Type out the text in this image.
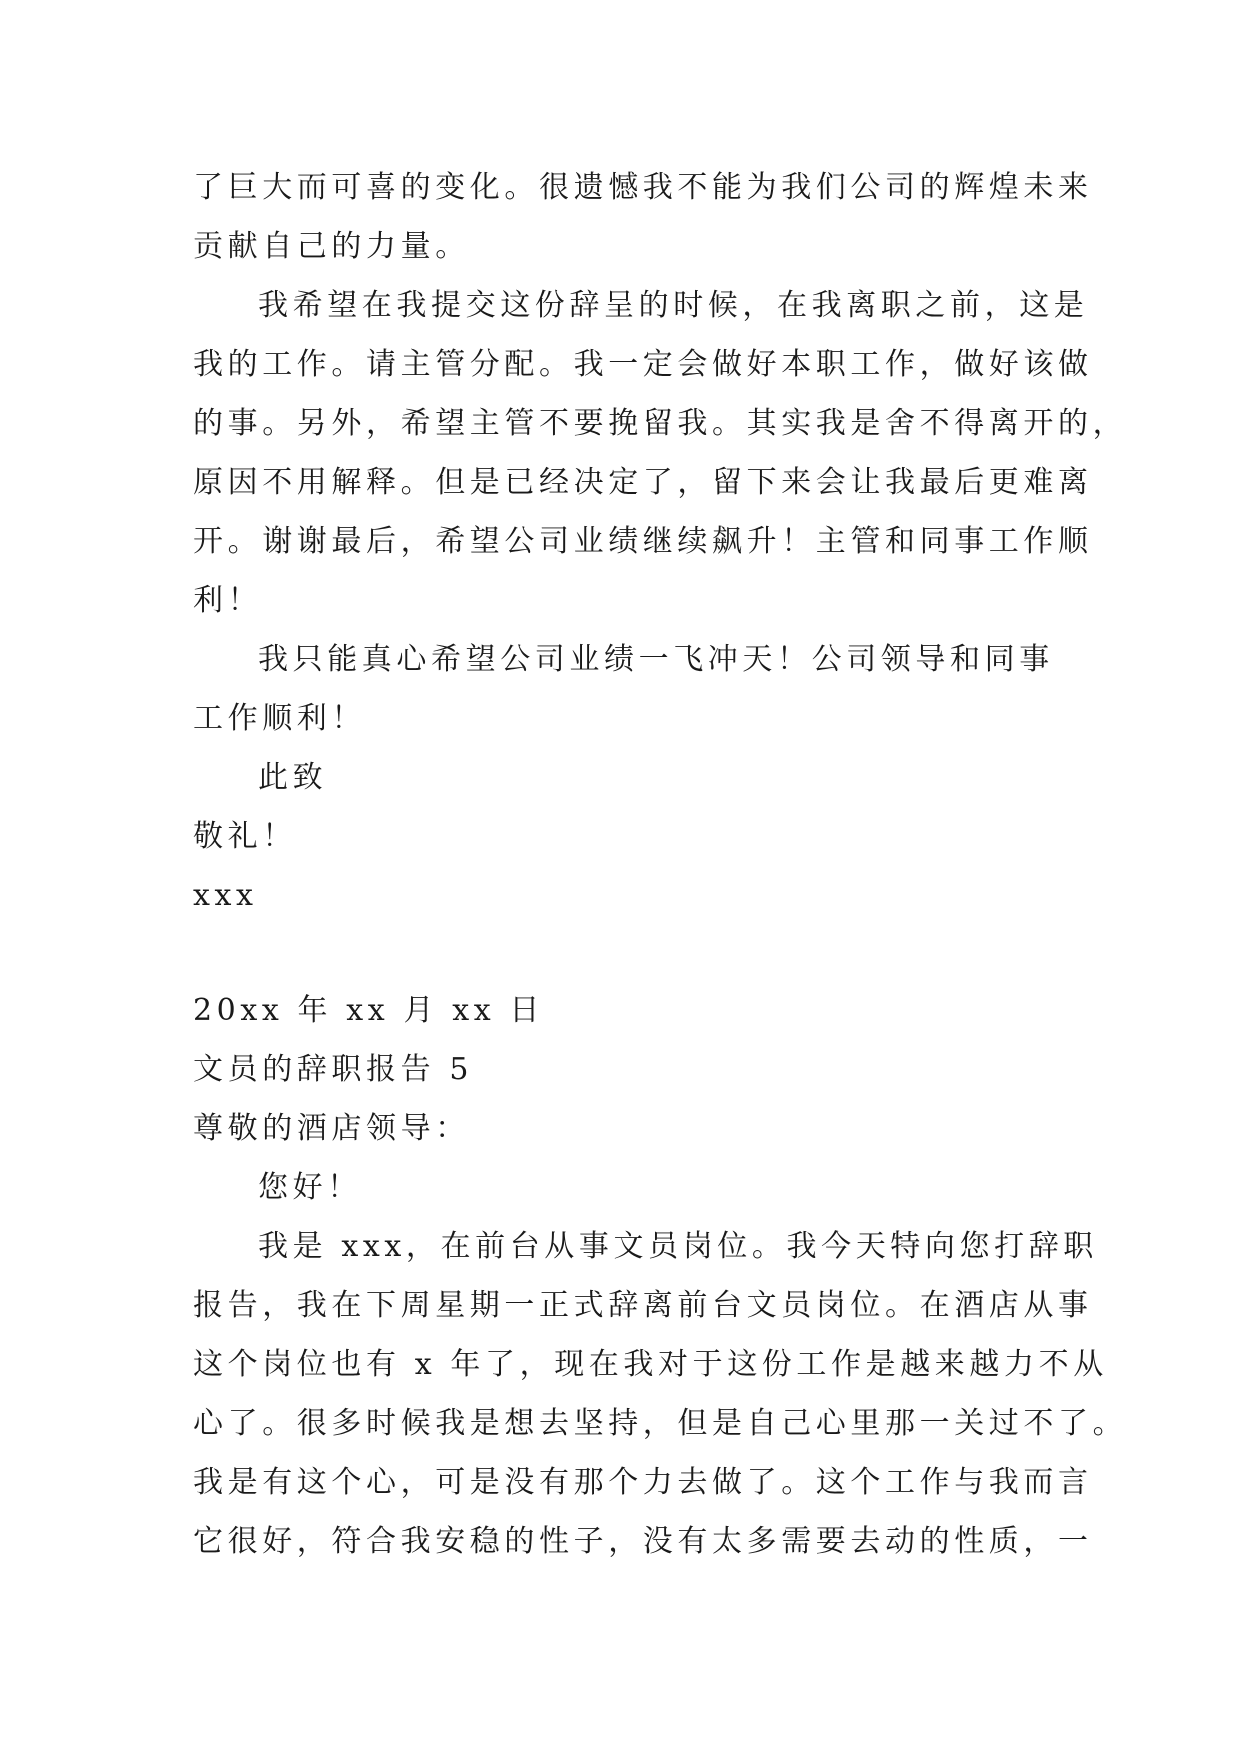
了巨大而可喜的变化。很遗憾我不能为我们公司的辉煌未来
贡献自己的力量。
我希望在我提交这份辞呈的时候，在我离职之前，这是
我的工作。请主管分配。我一定会做好本职工作，做好该做
的事。另外，希望主管不要挽留我。其实我是舍不得离开的，
原因不用解释。但是已经决定了，留下来会让我最后更难离
开。谢谢最后，希望公司业绩继续飙升！主管和同事工作顺
利！
我只能真心希望公司业绩一飞冲天！公司领导和同事
工作顺利！
此致
敬礼！
xxx
20xx 年 xx 月 xx 日
文员的辞职报告 5
尊敬的酒店领导：
您好！
我是 xxx，在前台从事文员岗位。我今天特向您打辞职
报告，我在下周星期一正式辞离前台文员岗位。在酒店从事
这个岗位也有 x 年了，现在我对于这份工作是越来越力不从
心了。很多时候我是想去坚持，但是自己心里那一关过不了。
我是有这个心，可是没有那个力去做了。这个工作与我而言
它很好，符合我安稳的性子，没有太多需要去动的性质，一
